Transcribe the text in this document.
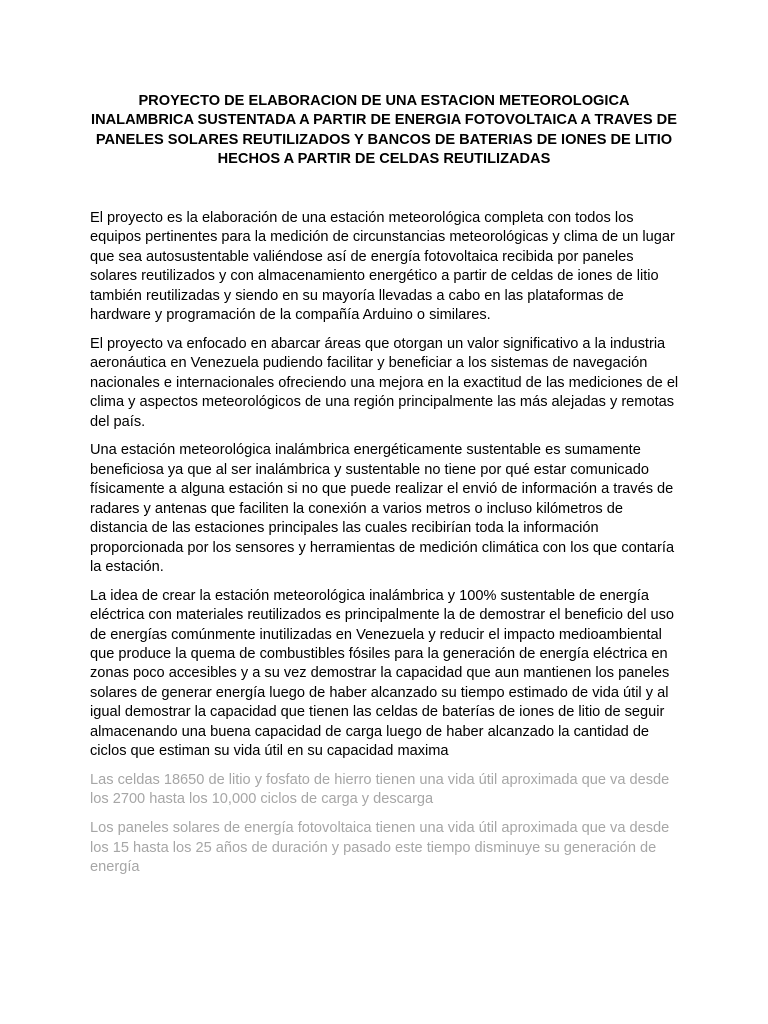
PROYECTO DE ELABORACION DE UNA ESTACION METEOROLOGICA INALAMBRICA SUSTENTADA A PARTIR DE ENERGIA FOTOVOLTAICA A TRAVES DE PANELES SOLARES REUTILIZADOS Y BANCOS DE BATERIAS DE IONES DE LITIO HECHOS A PARTIR DE CELDAS REUTILIZADAS

El proyecto es la elaboración de una estación meteorológica completa con todos los equipos pertinentes para la medición de circunstancias meteorológicas y clima de un lugar que sea autosustentable valiéndose así de energía fotovoltaica recibida por paneles solares reutilizados y con almacenamiento energético a partir de celdas de iones de litio también reutilizadas y siendo en su mayoría llevadas a cabo en las plataformas de hardware y programación de la compañía Arduino o similares.

El proyecto va enfocado en abarcar áreas que otorgan un valor significativo a la industria aeronáutica en Venezuela pudiendo facilitar y beneficiar a los sistemas de navegación nacionales e internacionales ofreciendo una mejora en la exactitud de las mediciones de el clima y aspectos meteorológicos de una región principalmente las más alejadas y remotas del país.

Una estación meteorológica inalámbrica energéticamente sustentable es sumamente beneficiosa ya que al ser inalámbrica y sustentable no tiene por qué estar comunicado físicamente a alguna estación si no que puede realizar el envió de información a través de radares y antenas que faciliten la conexión a varios metros o incluso kilómetros de distancia de las estaciones principales las cuales recibirían toda la información proporcionada por los sensores y herramientas de medición climática con los que contaría la estación.

La idea de crear la estación meteorológica inalámbrica y 100% sustentable de energía eléctrica con materiales reutilizados es principalmente la de demostrar el beneficio del uso de energías comúnmente inutilizadas en Venezuela y reducir el impacto medioambiental que produce la quema de combustibles fósiles para la generación de energía eléctrica en zonas poco accesibles y a su vez demostrar la capacidad que aun mantienen los paneles solares de generar energía luego de haber alcanzado su tiempo estimado de vida útil y al igual demostrar la capacidad que tienen las celdas de baterías de iones de litio de seguir almacenando una buena capacidad de carga luego de haber alcanzado la cantidad de ciclos que estiman su vida útil en su capacidad maxima

Las celdas 18650 de litio y fosfato de hierro tienen una vida útil aproximada que va desde los 2700 hasta los 10,000 ciclos de carga y descarga

Los paneles solares de energía fotovoltaica tienen una vida útil aproximada que va desde los 15 hasta los 25 años de duración y pasado este tiempo disminuye su generación de energía
